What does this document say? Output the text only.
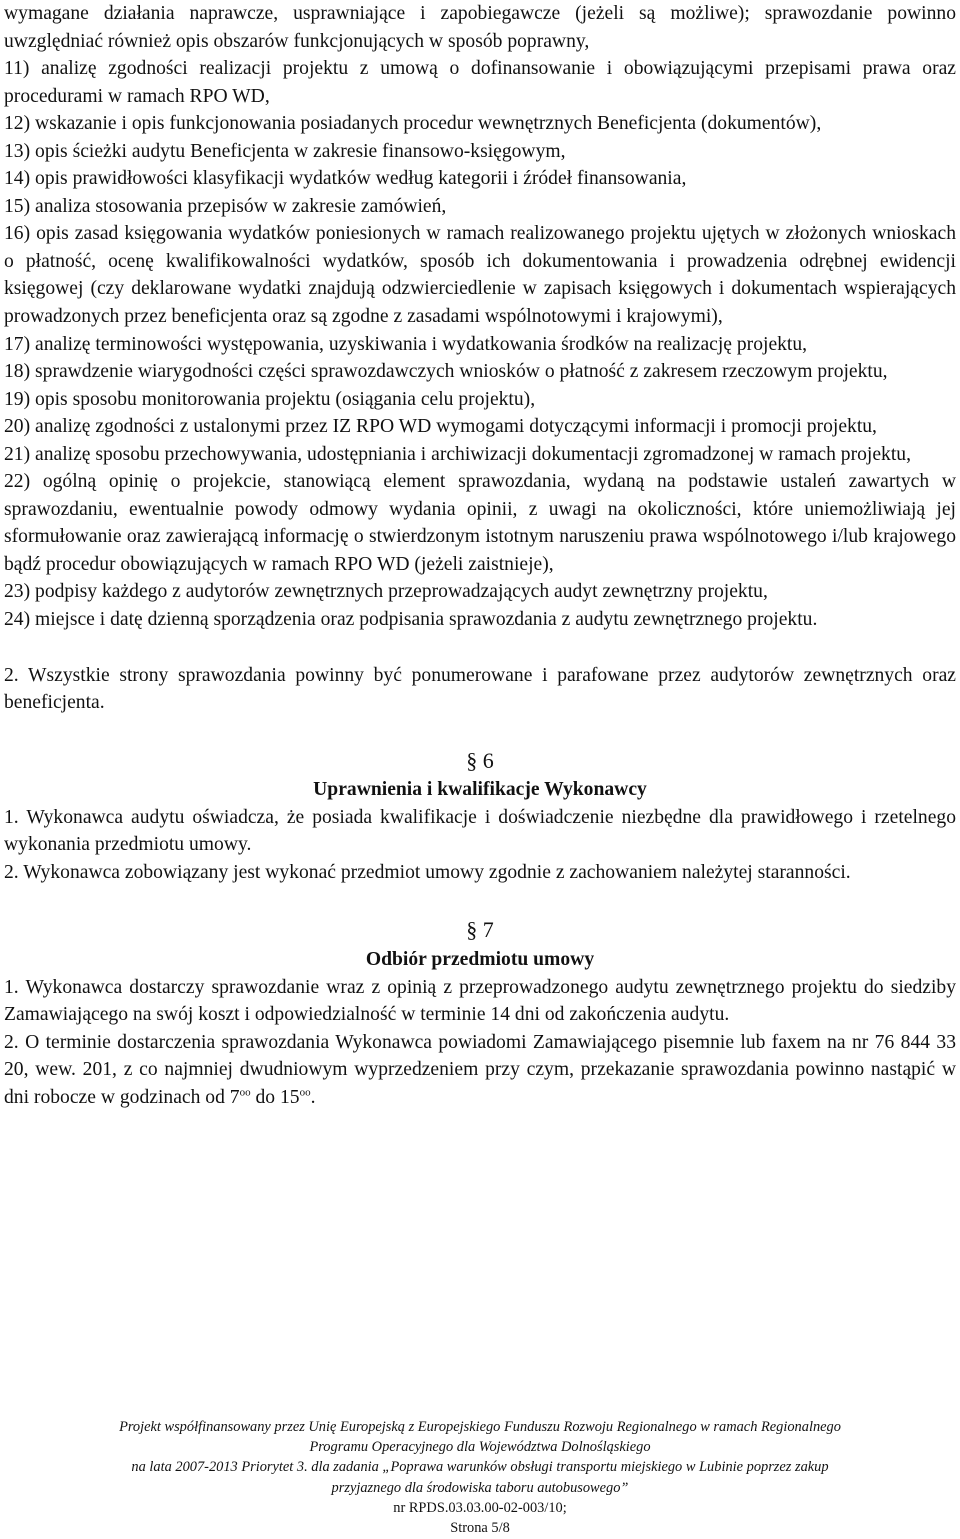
wymagane działania naprawcze, usprawniające i zapobiegawcze (jeżeli są możliwe); sprawozdanie powinno uwzględniać również opis obszarów funkcjonujących w sposób poprawny,

11) analizę zgodności realizacji projektu z umową o dofinansowanie i obowiązującymi przepisami prawa oraz procedurami w ramach RPO WD,

12) wskazanie i opis funkcjonowania posiadanych procedur wewnętrznych Beneficjenta (dokumentów),

13) opis ścieżki audytu Beneficjenta w zakresie finansowo-księgowym,

14) opis prawidłowości klasyfikacji wydatków według kategorii i źródeł finansowania,

15) analiza stosowania przepisów w zakresie zamówień,

16) opis zasad księgowania wydatków poniesionych w ramach realizowanego projektu ujętych w złożonych wnioskach o płatność, ocenę kwalifikowalności wydatków, sposób ich dokumentowania i prowadzenia odrębnej ewidencji księgowej (czy deklarowane wydatki znajdują odzwierciedlenie w zapisach księgowych i dokumentach wspierających prowadzonych przez beneficjenta oraz są zgodne z zasadami wspólnotowymi i krajowymi),

17) analizę terminowości występowania, uzyskiwania i wydatkowania środków na realizację projektu,

18) sprawdzenie wiarygodności części sprawozdawczych wniosków o płatność z zakresem rzeczowym projektu,

19) opis sposobu monitorowania projektu (osiągania celu projektu),

20) analizę zgodności z ustalonymi przez IZ RPO WD wymogami dotyczącymi informacji i promocji projektu,

21) analizę sposobu przechowywania, udostępniania i archiwizacji dokumentacji zgromadzonej w ramach projektu,

22) ogólną opinię o projekcie, stanowiącą element sprawozdania, wydaną na podstawie ustaleń zawartych w sprawozdaniu, ewentualnie powody odmowy wydania opinii, z uwagi na okoliczności, które uniemożliwiają jej sformułowanie oraz zawierającą informację o stwierdzonym istotnym naruszeniu prawa wspólnotowego i/lub krajowego bądź procedur obowiązujących w ramach RPO WD (jeżeli zaistnieje),

23) podpisy każdego z audytorów zewnętrznych przeprowadzających audyt zewnętrzny projektu,

24) miejsce i datę dzienną sporządzenia oraz podpisania sprawozdania z audytu zewnętrznego projektu.

2. Wszystkie strony sprawozdania powinny być ponumerowane i parafowane przez audytorów zewnętrznych oraz beneficjenta.

§ 6

Uprawnienia i kwalifikacje Wykonawcy

1. Wykonawca audytu oświadcza, że posiada kwalifikacje i doświadczenie niezbędne dla prawidłowego i rzetelnego wykonania przedmiotu umowy.

2. Wykonawca zobowiązany jest wykonać przedmiot umowy zgodnie z zachowaniem należytej staranności.

§ 7

Odbiór przedmiotu umowy

1. Wykonawca dostarczy sprawozdanie wraz z opinią z przeprowadzonego audytu zewnętrznego projektu do siedziby Zamawiającego na swój koszt i odpowiedzialność w terminie 14 dni od zakończenia audytu.

2. O terminie dostarczenia sprawozdania Wykonawca powiadomi Zamawiającego pisemnie lub faxem na nr 76 844 33 20, wew. 201, z co najmniej dwudniowym wyprzedzeniem przy czym, przekazanie sprawozdania powinno nastąpić w dni robocze w godzinach od $7^{oo}$ do $15^{oo}$.

Projekt współfinansowany przez Unię Europejską z Europejskiego Funduszu Rozwoju Regionalnego w ramach Regionalnego
Programu Operacyjnego dla Województwa Dolnośląskiego
na lata 2007-2013 Priorytet 3. dla zadania „Poprawa warunków obsługi transportu miejskiego w Lubinie poprzez zakup
przyjaznego dla środowiska taboru autobusowego”
nr RPDS.03.03.00-02-003/10;
Strona 5/8
